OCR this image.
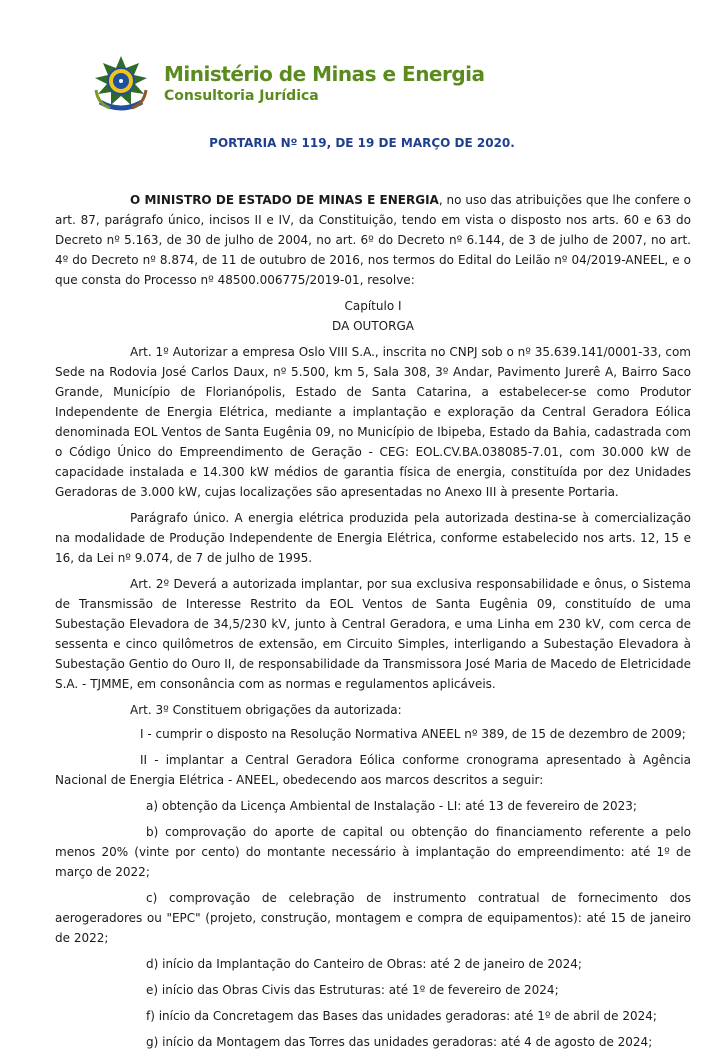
Ministério de Minas e Energia
Consultoria Jurídica
PORTARIA Nº 119, DE 19 DE MARÇO DE 2020.

O MINISTRO DE ESTADO DE MINAS E ENERGIA, no uso das atribuições que lhe confere o art. 87, parágrafo único, incisos II e IV, da Constituição, tendo em vista o disposto nos arts. 60 e 63 do Decreto nº 5.163, de 30 de julho de 2004, no art. 6º do Decreto nº 6.144, de 3 de julho de 2007, no art. 4º do Decreto nº 8.874, de 11 de outubro de 2016, nos termos do Edital do Leilão nº 04/2019-ANEEL, e o que consta do Processo nº 48500.006775/2019-01, resolve:

Capítulo I

DA OUTORGA

Art. 1º Autorizar a empresa Oslo VIII S.A., inscrita no CNPJ sob o nº 35.639.141/0001-33, com Sede na Rodovia José Carlos Daux, nº 5.500, km 5, Sala 308, 3º Andar, Pavimento Jurerê A, Bairro Saco Grande, Município de Florianópolis, Estado de Santa Catarina, a estabelecer-se como Produtor Independente de Energia Elétrica, mediante a implantação e exploração da Central Geradora Eólica denominada EOL Ventos de Santa Eugênia 09, no Município de Ibipeba, Estado da Bahia, cadastrada com o Código Único do Empreendimento de Geração - CEG: EOL.CV.BA.038085-7.01, com 30.000 kW de capacidade instalada e 14.300 kW médios de garantia física de energia, constituída por dez Unidades Geradoras de 3.000 kW, cujas localizações são apresentadas no Anexo III à presente Portaria.

Parágrafo único. A energia elétrica produzida pela autorizada destina-se à comercialização na modalidade de Produção Independente de Energia Elétrica, conforme estabelecido nos arts. 12, 15 e 16, da Lei nº 9.074, de 7 de julho de 1995.

Art. 2º Deverá a autorizada implantar, por sua exclusiva responsabilidade e ônus, o Sistema de Transmissão de Interesse Restrito da EOL Ventos de Santa Eugênia 09, constituído de uma Subestação Elevadora de 34,5/230 kV, junto à Central Geradora, e uma Linha em 230 kV, com cerca de sessenta e cinco quilômetros de extensão, em Circuito Simples, interligando a Subestação Elevadora à Subestação Gentio do Ouro II, de responsabilidade da Transmissora José Maria de Macedo de Eletricidade S.A. - TJMME, em consonância com as normas e regulamentos aplicáveis.

Art. 3º Constituem obrigações da autorizada:

I - cumprir o disposto na Resolução Normativa ANEEL nº 389, de 15 de dezembro de 2009;

II - implantar a Central Geradora Eólica conforme cronograma apresentado à Agência Nacional de Energia Elétrica - ANEEL, obedecendo aos marcos descritos a seguir:

a) obtenção da Licença Ambiental de Instalação - LI: até 13 de fevereiro de 2023;

b) comprovação do aporte de capital ou obtenção do financiamento referente a pelo menos 20% (vinte por cento) do montante necessário à implantação do empreendimento: até 1º de março de 2022;

c) comprovação de celebração de instrumento contratual de fornecimento dos aerogeradores ou "EPC" (projeto, construção, montagem e compra de equipamentos): até 15 de janeiro de 2022;

d) início da Implantação do Canteiro de Obras: até 2 de janeiro de 2024;

e) início das Obras Civis das Estruturas: até 1º de fevereiro de 2024;

f) início da Concretagem das Bases das unidades geradoras: até 1º de abril de 2024;

g) início da Montagem das Torres das unidades geradoras: até 4 de agosto de 2024;
